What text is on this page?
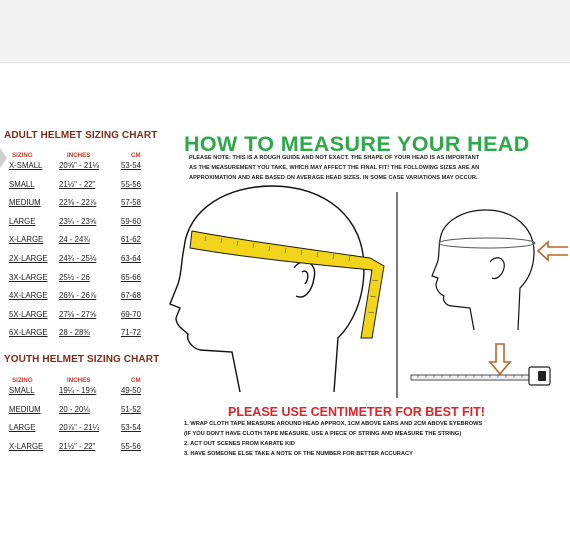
ADULT HELMET SIZING CHART
SIZING	INCHES	CM
X-SMALL 20⅝" - 21⅛	53-54
SMALL	21½" - 22"	55-56
MEDIUM 22⅜ - 22⅞	57-58
LARGE	23¼ - 23⅝	59-60
X-LARGE 24 - 24⅜	61-62
2X-LARGE 24¾ - 25⅛	63-64
3X-LARGE 25½ - 26	65-66
4X-LARGE 26⅜ - 26⅞	67-68
5X-LARGE 27⅛ - 27⅝	69-70
6X-LARGE 28 - 28⅜	71-72
YOUTH HELMET SIZING CHART
SIZING	INCHES	CM
SMALL	19¼ - 19⅝	49-50
MEDIUM 20 - 20⅛	51-52
LARGE	20⅞" - 21¼	53-54
X-LARGE 21½" - 22"	55-56
HOW TO MEASURE YOUR HEAD
PLEASE NOTE: THIS IS A ROUGH GUIDE AND NOT EXACT. THE SHAPE OF YOUR HEAD IS AS IMPORTANT
AS THE MEASUREMENT YOU TAKE, WHICH MAY AFFECT THE FINAL FIT! THE FOLLOWING SIZES ARE AN
APPROXIMATION AND ARE BASED ON AVERAGE HEAD SIZES. IN SOME CASE VARIATIONS MAY OCCUR.
PLEASE USE CENTIMETER FOR BEST FIT!
1. WRAP CLOTH TAPE MEASURE AROUND HEAD APPROX, 1CM ABOVE EARS AND 2CM ABOVE EYEBROWS
(IF YOU DON'T HAVE CLOTH TAPE MEASURE, USE A PIECE OF STRING AND MEASURE THE STRING)
2. ACT OUT SCENES FROM KARATE KID
3. HAVE SOMEONE ELSE TAKE A NOTE OF THE NUMBER FOR BETTER ACCURACY
